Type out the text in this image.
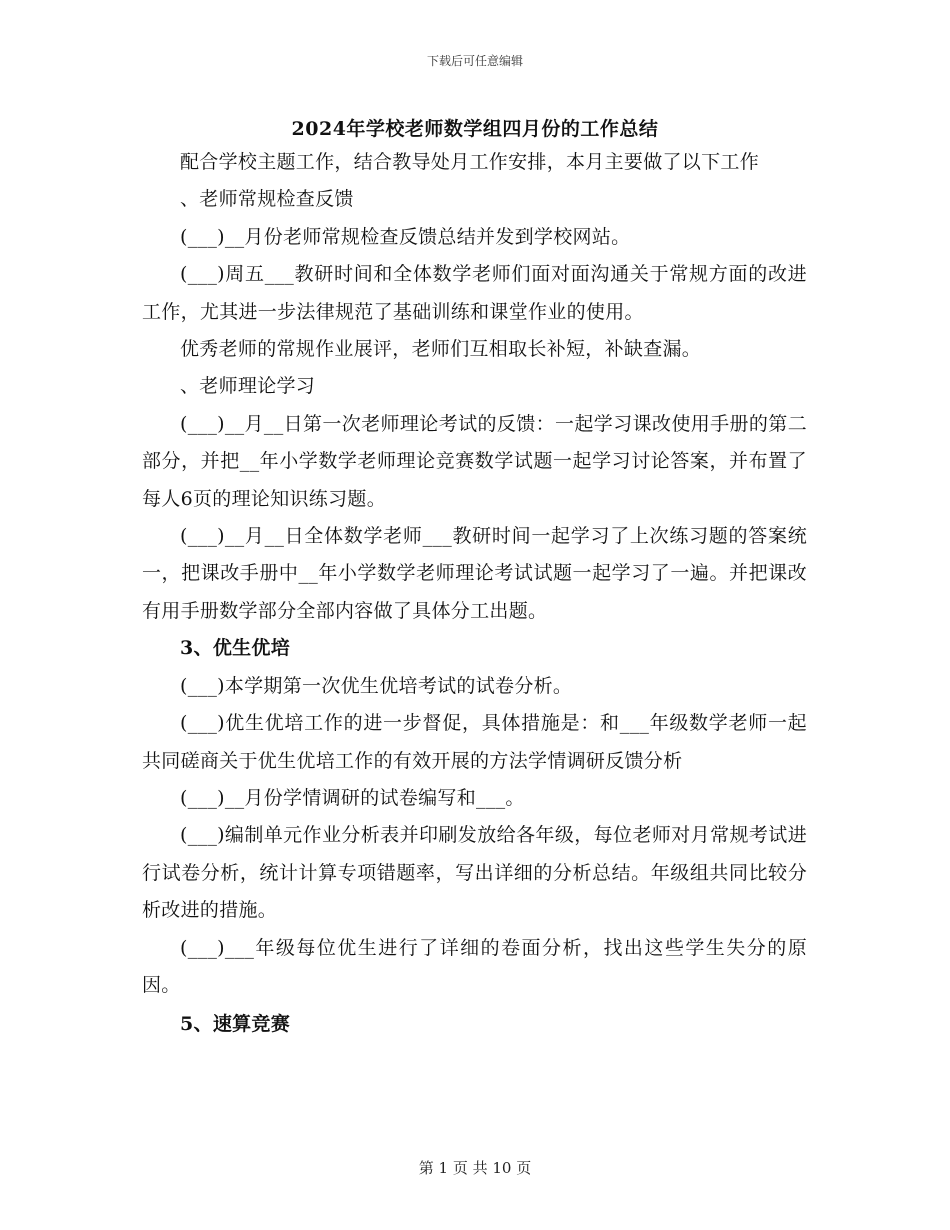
下载后可任意编辑
2024年学校老师数学组四月份的工作总结

配合学校主题工作，结合教导处月工作安排，本月主要做了以下工作

、老师常规检查反馈

(___)__月份老师常规检查反馈总结并发到学校网站。

(___)周五___教研时间和全体数学老师们面对面沟通关于常规方面的改进工作，尤其进一步法律规范了基础训练和课堂作业的使用。

优秀老师的常规作业展评，老师们互相取长补短，补缺查漏。

、老师理论学习

(___)__月__日第一次老师理论考试的反馈：一起学习课改使用手册的第二部分，并把__年小学数学老师理论竞赛数学试题一起学习讨论答案，并布置了每人6页的理论知识练习题。

(___)__月__日全体数学老师___教研时间一起学习了上次练习题的答案统一，把课改手册中__年小学数学老师理论考试试题一起学习了一遍。并把课改有用手册数学部分全部内容做了具体分工出题。

3、优生优培

(___)本学期第一次优生优培考试的试卷分析。

(___)优生优培工作的进一步督促，具体措施是：和___年级数学老师一起共同磋商关于优生优培工作的有效开展的方法学情调研反馈分析

(___)__月份学情调研的试卷编写和___。

(___)编制单元作业分析表并印刷发放给各年级，每位老师对月常规考试进行试卷分析，统计计算专项错题率，写出详细的分析总结。年级组共同比较分析改进的措施。

(___)___年级每位优生进行了详细的卷面分析，找出这些学生失分的原因。

5、速算竞赛

第 1 页 共 10 页
